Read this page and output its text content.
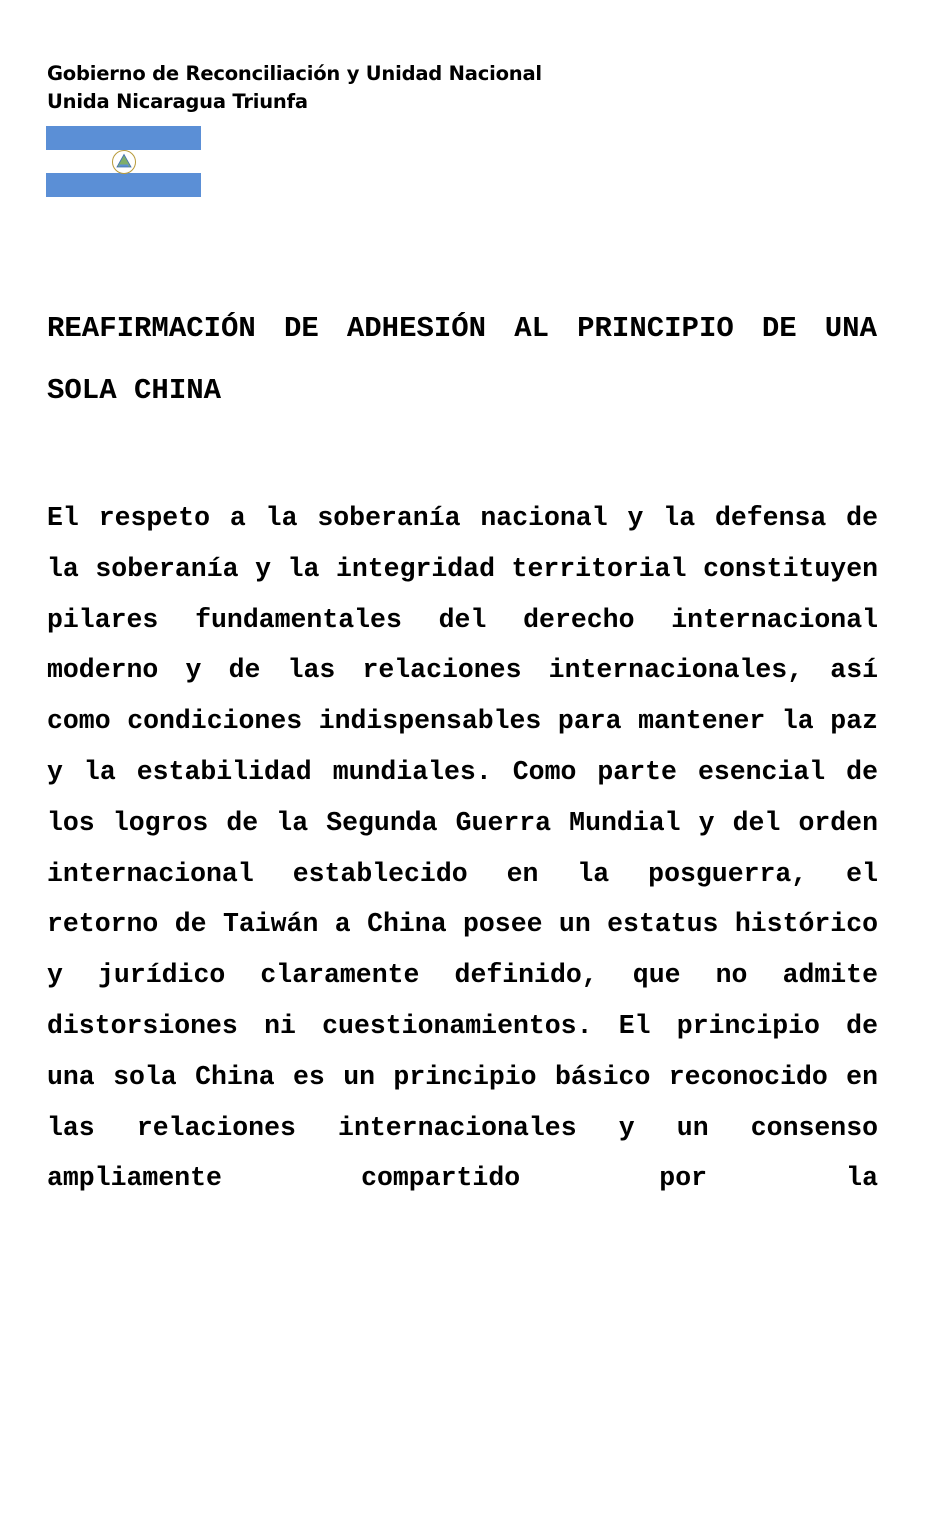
Gobierno de Reconciliación y Unidad Nacional
Unida Nicaragua Triunfa
REAFIRMACIÓN DE ADHESIÓN AL PRINCIPIO DE UNA SOLA CHINA

El respeto a la soberanía nacional y la defensa de la soberanía y la integridad territorial constituyen pilares fundamentales del derecho internacional moderno y de las relaciones internacionales, así como condiciones indispensables para mantener la paz y la estabilidad mundiales. Como parte esencial de los logros de la Segunda Guerra Mundial y del orden internacional establecido en la posguerra, el retorno de Taiwán a China posee un estatus histórico y jurídico claramente definido, que no admite distorsiones ni cuestionamientos. El principio de una sola China es un principio básico reconocido en las relaciones internacionales y un consenso ampliamente compartido por la
